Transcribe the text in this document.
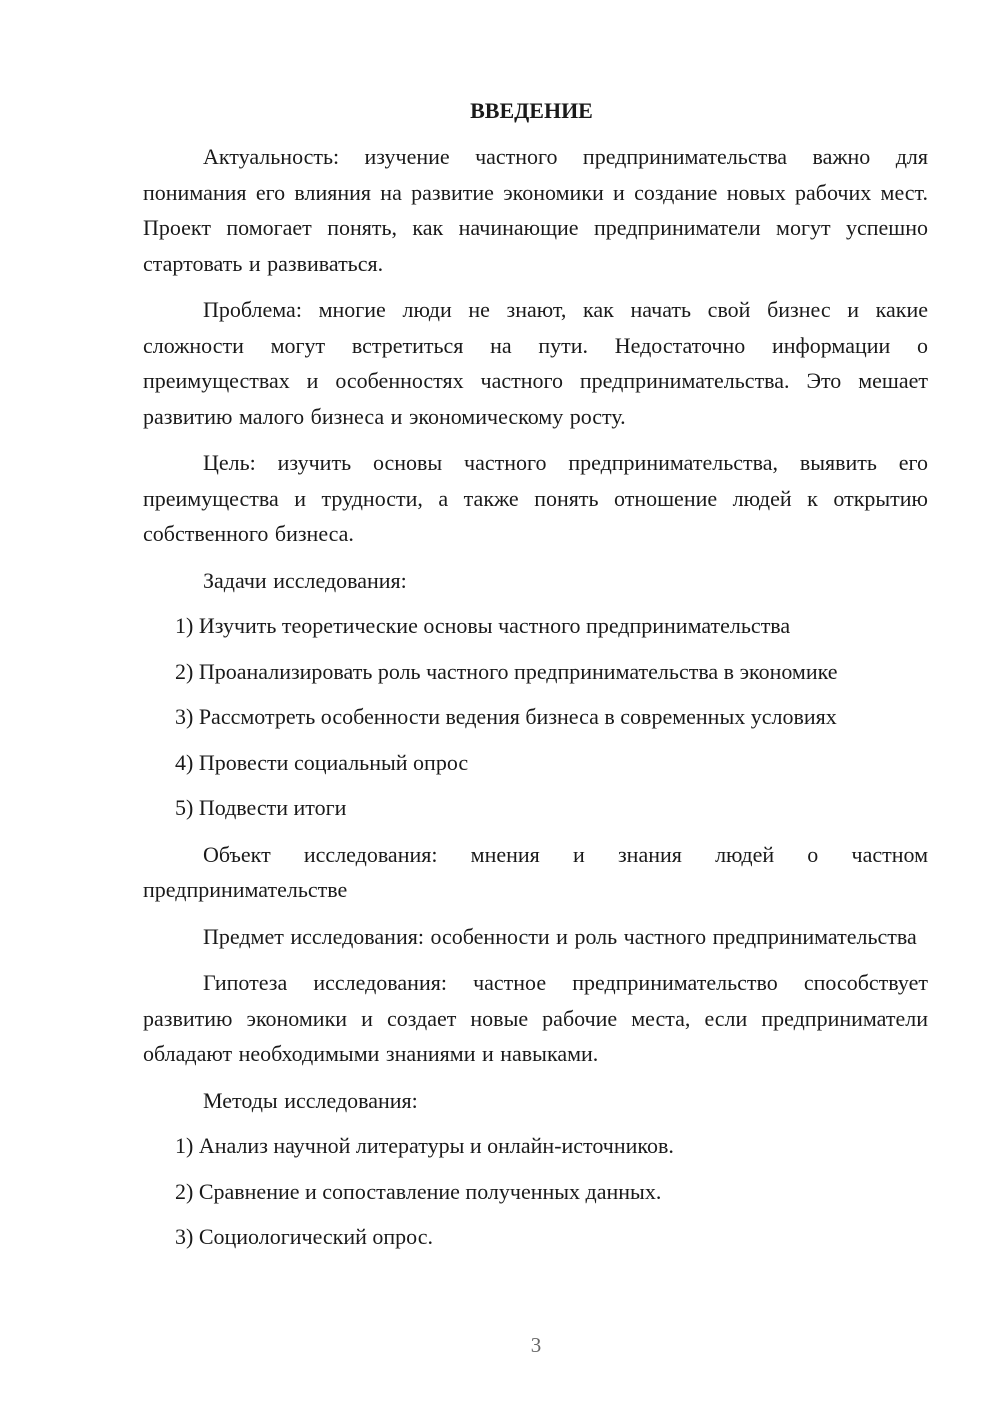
ВВЕДЕНИЕ

Актуальность: изучение частного предпринимательства важно для понимания его влияния на развитие экономики и создание новых рабочих мест. Проект помогает понять, как начинающие предприниматели могут успешно стартовать и развиваться.

Проблема: многие люди не знают, как начать свой бизнес и какие сложности могут встретиться на пути. Недостаточно информации о преимуществах и особенностях частного предпринимательства. Это мешает развитию малого бизнеса и экономическому росту.

Цель: изучить основы частного предпринимательства, выявить его преимущества и трудности, а также понять отношение людей к открытию собственного бизнеса.

Задачи исследования:

1) Изучить теоретические основы частного предпринимательства

2) Проанализировать роль частного предпринимательства в экономике

3) Рассмотреть особенности ведения бизнеса в современных условиях

4) Провести социальный опрос

5) Подвести итоги

Объект исследования: мнения и знания людей о частном предпринимательстве

Предмет исследования: особенности и роль частного предпринимательства

Гипотеза исследования: частное предпринимательство способствует развитию экономики и создает новые рабочие места, если предприниматели обладают необходимыми знаниями и навыками.

Методы исследования:

1) Анализ научной литературы и онлайн-источников.

2) Сравнение и сопоставление полученных данных.

3) Социологический опрос.

3
